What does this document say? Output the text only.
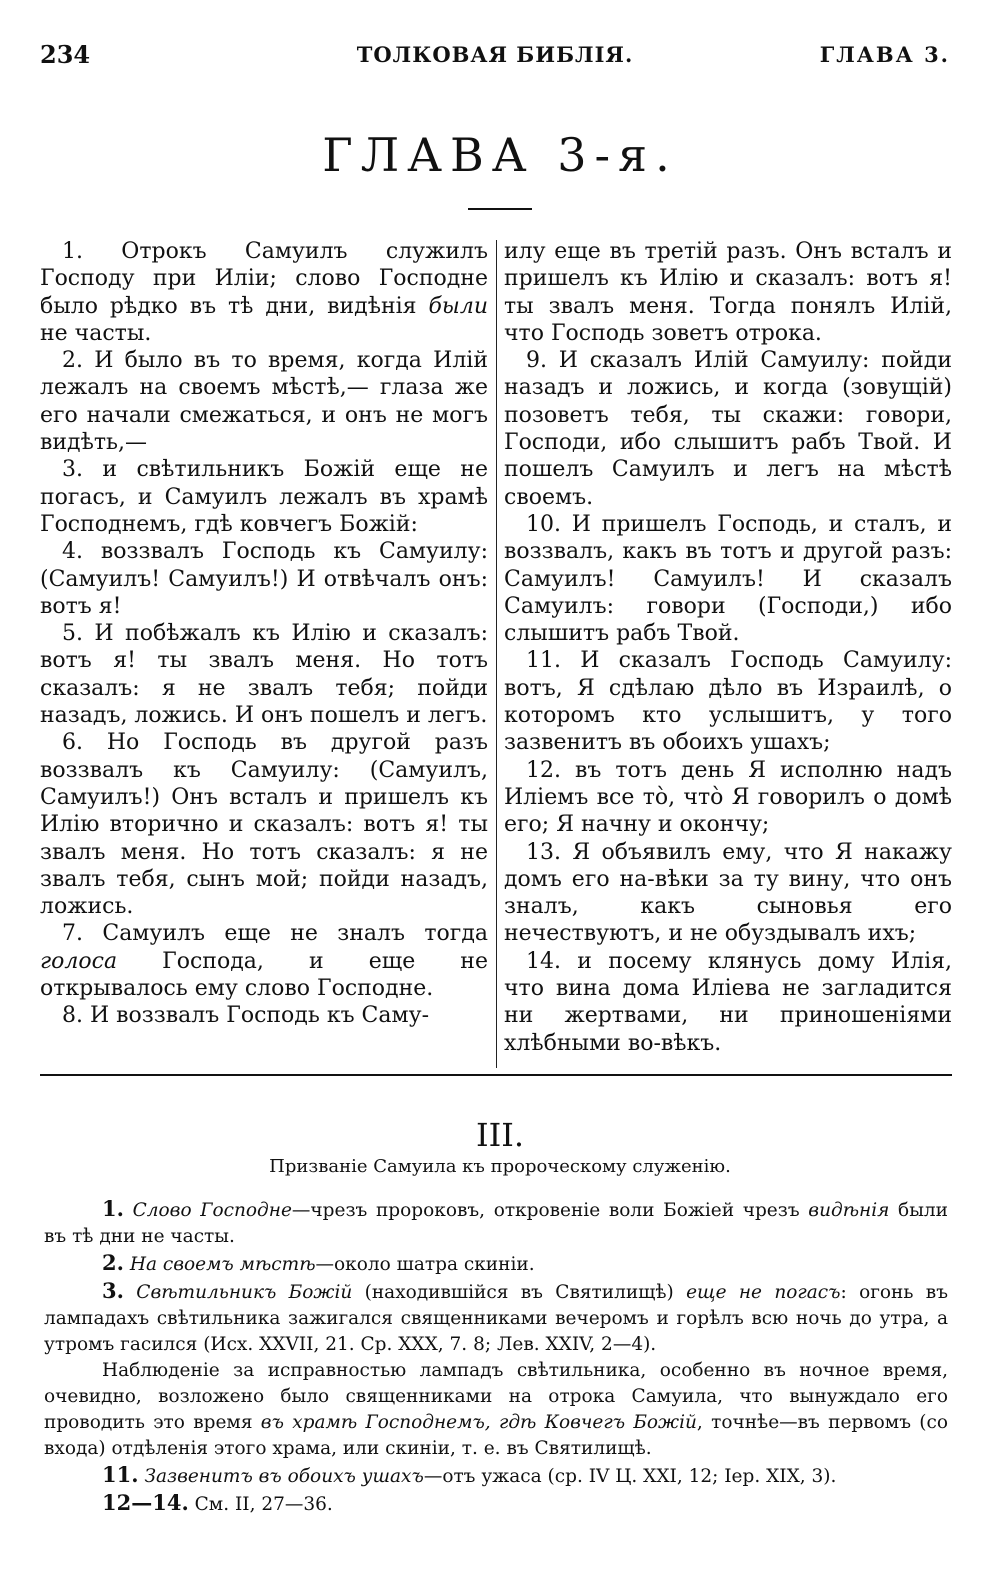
234	ТОЛКОВАЯ БИБЛІЯ.	ГЛАВА 3.
ГЛАВА 3-я.

1. Отрокъ Самуилъ служилъ Господу при Иліи; слово Господне было рѣдко въ тѣ дни, видѣнія были не часты.

2. И было въ то время, когда Илій лежалъ на своемъ мѣстѣ,— глаза же его начали смежаться, и онъ не могъ видѣть,—

3. и свѣтильникъ Божій еще не погасъ, и Самуилъ лежалъ въ храмѣ Господнемъ, гдѣ ковчегъ Божій:

4. воззвалъ Господь къ Самуилу: (Самуилъ! Самуилъ!) И отвѣчалъ онъ: вотъ я!

5. И побѣжалъ къ Илію и сказалъ: вотъ я! ты звалъ меня. Но тотъ сказалъ: я не звалъ тебя; пойди назадъ, ложись. И онъ пошелъ и легъ.

6. Но Господь въ другой разъ воззвалъ къ Самуилу: (Самуилъ, Самуилъ!) Онъ всталъ и пришелъ къ Илію вторично и сказалъ: вотъ я! ты звалъ меня. Но тотъ сказалъ: я не звалъ тебя, сынъ мой; пойди назадъ, ложись.

7. Самуилъ еще не зналъ тогда голоса Господа, и еще не открывалось ему слово Господне.

8. И воззвалъ Господь къ Саму-

илу еще въ третій разъ. Онъ всталъ и пришелъ къ Илію и сказалъ: вотъ я! ты звалъ меня. Тогда понялъ Илій, что Господь зоветъ отрока.

9. И сказалъ Илій Самуилу: пойди назадъ и ложись, и когда (зовущій) позоветъ тебя, ты скажи: говори, Господи, ибо слышитъ рабъ Твой. И пошелъ Самуилъ и легъ на мѣстѣ своемъ.

10. И пришелъ Господь, и сталъ, и воззвалъ, какъ въ тотъ и другой разъ: Самуилъ! Самуилъ! И сказалъ Самуилъ: говори (Господи,) ибо слышитъ рабъ Твой.

11. И сказалъ Господь Самуилу: вотъ, Я сдѣлаю дѣло въ Израилѣ, о которомъ кто услышитъ, у того зазвенитъ въ обоихъ ушахъ;

12. въ тотъ день Я исполню надъ Иліемъ все то̀, что̀ Я говорилъ о домѣ его; Я начну и окончу;

13. Я объявилъ ему, что Я накажу домъ его на-вѣки за ту вину, что онъ зналъ, какъ сыновья его нечествуютъ, и не обуздывалъ ихъ;

14. и посему клянусь дому Илія, что вина дома Иліева не загладится ни жертвами, ни приношеніями хлѣбными во-вѣкъ.

III.
Призваніе Самуила къ пророческому служенію.

1. Слово Господне—чрезъ пророковъ, откровеніе воли Божіей чрезъ видѣнія были въ тѣ дни не часты.

2. На своемъ мѣстѣ—около шатра скиніи.

3. Свѣтильникъ Божій (находившійся въ Святилищѣ) еще не погасъ: огонь въ лампадахъ свѣтильника зажигался священниками вечеромъ и горѣлъ всю ночь до утра, а утромъ гасился (Исх. XXVII, 21. Ср. XXX, 7. 8; Лев. XXIV, 2—4).

Наблюденіе за исправностью лампадъ свѣтильника, особенно въ ночное время, очевидно, возложено было священниками на отрока Самуила, что вынуждало его проводить это время въ храмѣ Господнемъ, гдѣ Ковчегъ Божій, точнѣе—въ первомъ (со входа) отдѣленія этого храма, или скиніи, т. е. въ Святилищѣ.

11. Зазвенитъ въ обоихъ ушахъ—отъ ужаса (ср. IV Ц. XXI, 12; Іер. XIX, 3).

12—14. См. II, 27—36.
